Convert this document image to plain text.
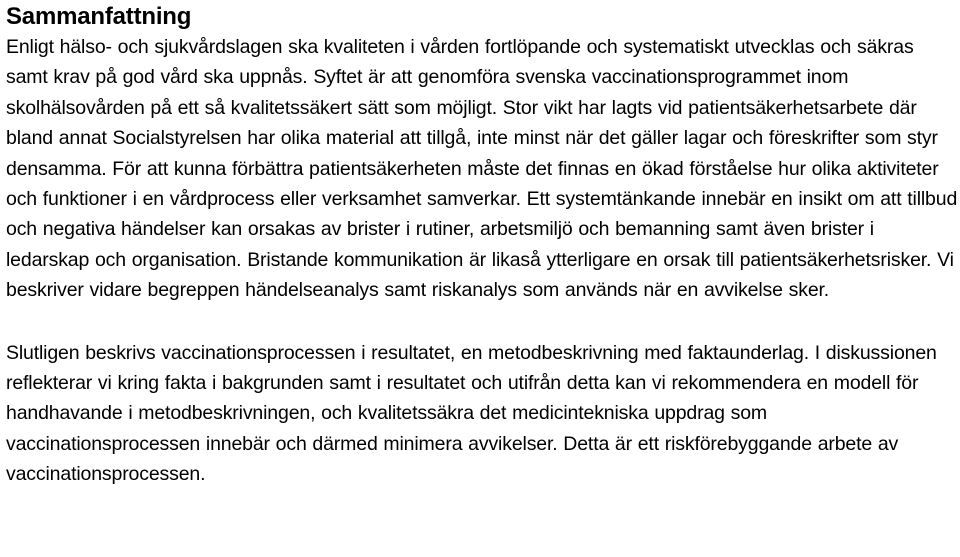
Sammanfattning

Enligt hälso- och sjukvårdslagen ska kvaliteten i vården fortlöpande och systematiskt utvecklas och säkras samt krav på god vård ska uppnås. Syftet är att genomföra svenska vaccinationsprogrammet inom skolhälsovården på ett så kvalitetssäkert sätt som möjligt. Stor vikt har lagts vid patientsäkerhetsarbete där bland annat Socialstyrelsen har olika material att tillgå, inte minst när det gäller lagar och föreskrifter som styr densamma. För att kunna förbättra patientsäkerheten måste det finnas en ökad förståelse hur olika aktiviteter och funktioner i en vårdprocess eller verksamhet samverkar. Ett systemtänkande innebär en insikt om att tillbud och negativa händelser kan orsakas av brister i rutiner, arbetsmiljö och bemanning samt även brister i ledarskap och organisation. Bristande kommunikation är likaså ytterligare en orsak till patientsäkerhetsrisker. Vi beskriver vidare begreppen händelseanalys samt riskanalys som används när en avvikelse sker.

Slutligen beskrivs vaccinationsprocessen i resultatet, en metodbeskrivning med faktaunderlag. I diskussionen reflekterar vi kring fakta i bakgrunden samt i resultatet och utifrån detta kan vi rekommendera en modell för handhavande i metodbeskrivningen, och kvalitetssäkra det medicintekniska uppdrag som vaccinationsprocessen innebär och därmed minimera avvikelser. Detta är ett riskförebyggande arbete av vaccinationsprocessen.
